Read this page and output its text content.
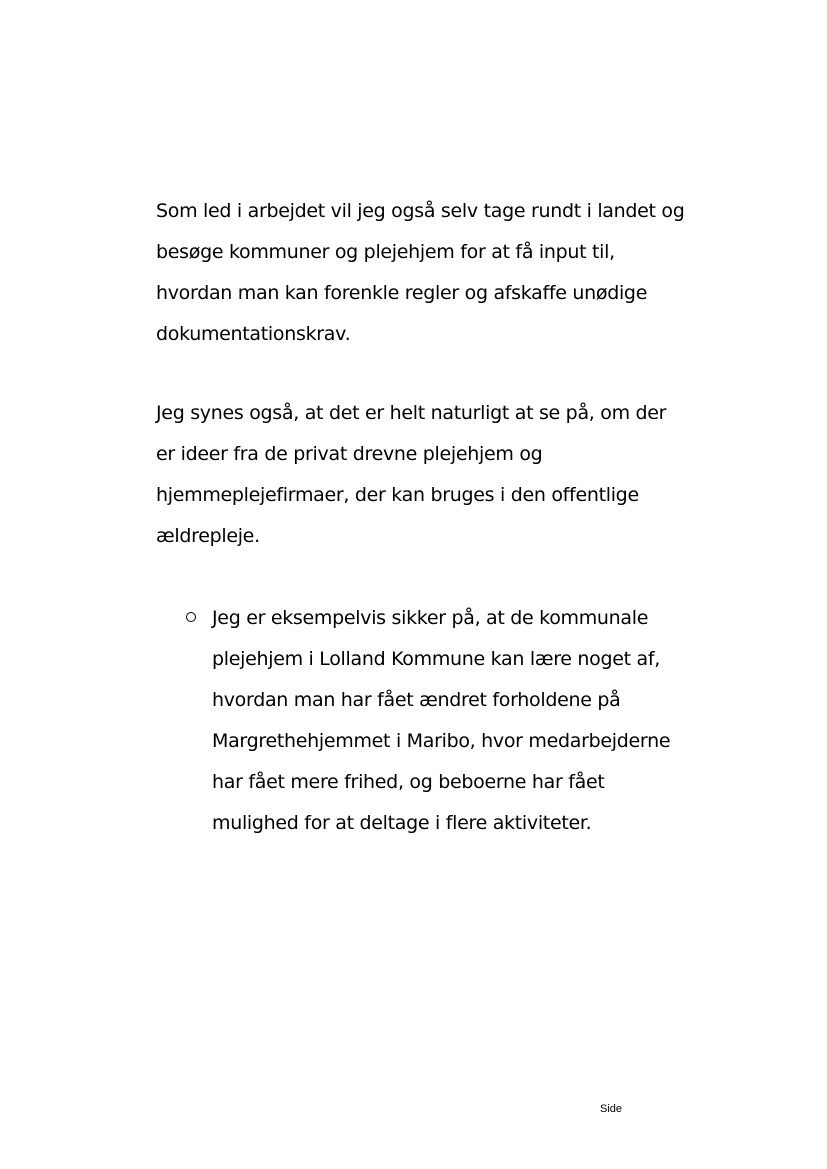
Som led i arbejdet vil jeg også selv tage rundt i landet og
besøge kommuner og plejehjem for at få input til,
hvordan man kan forenkle regler og afskaffe unødige
dokumentationskrav.

Jeg synes også, at det er helt naturligt at se på, om der
er ideer fra de privat drevne plejehjem og
hjemmeplejefirmaer, der kan bruges i den offentlige
ældrepleje.

Jeg er eksempelvis sikker på, at de kommunale
plejehjem i Lolland Kommune kan lære noget af,
hvordan man har fået ændret forholdene på
Margrethehjemmet i Maribo, hvor medarbejderne
har fået mere frihed, og beboerne har fået
mulighed for at deltage i flere aktiviteter.
Side
